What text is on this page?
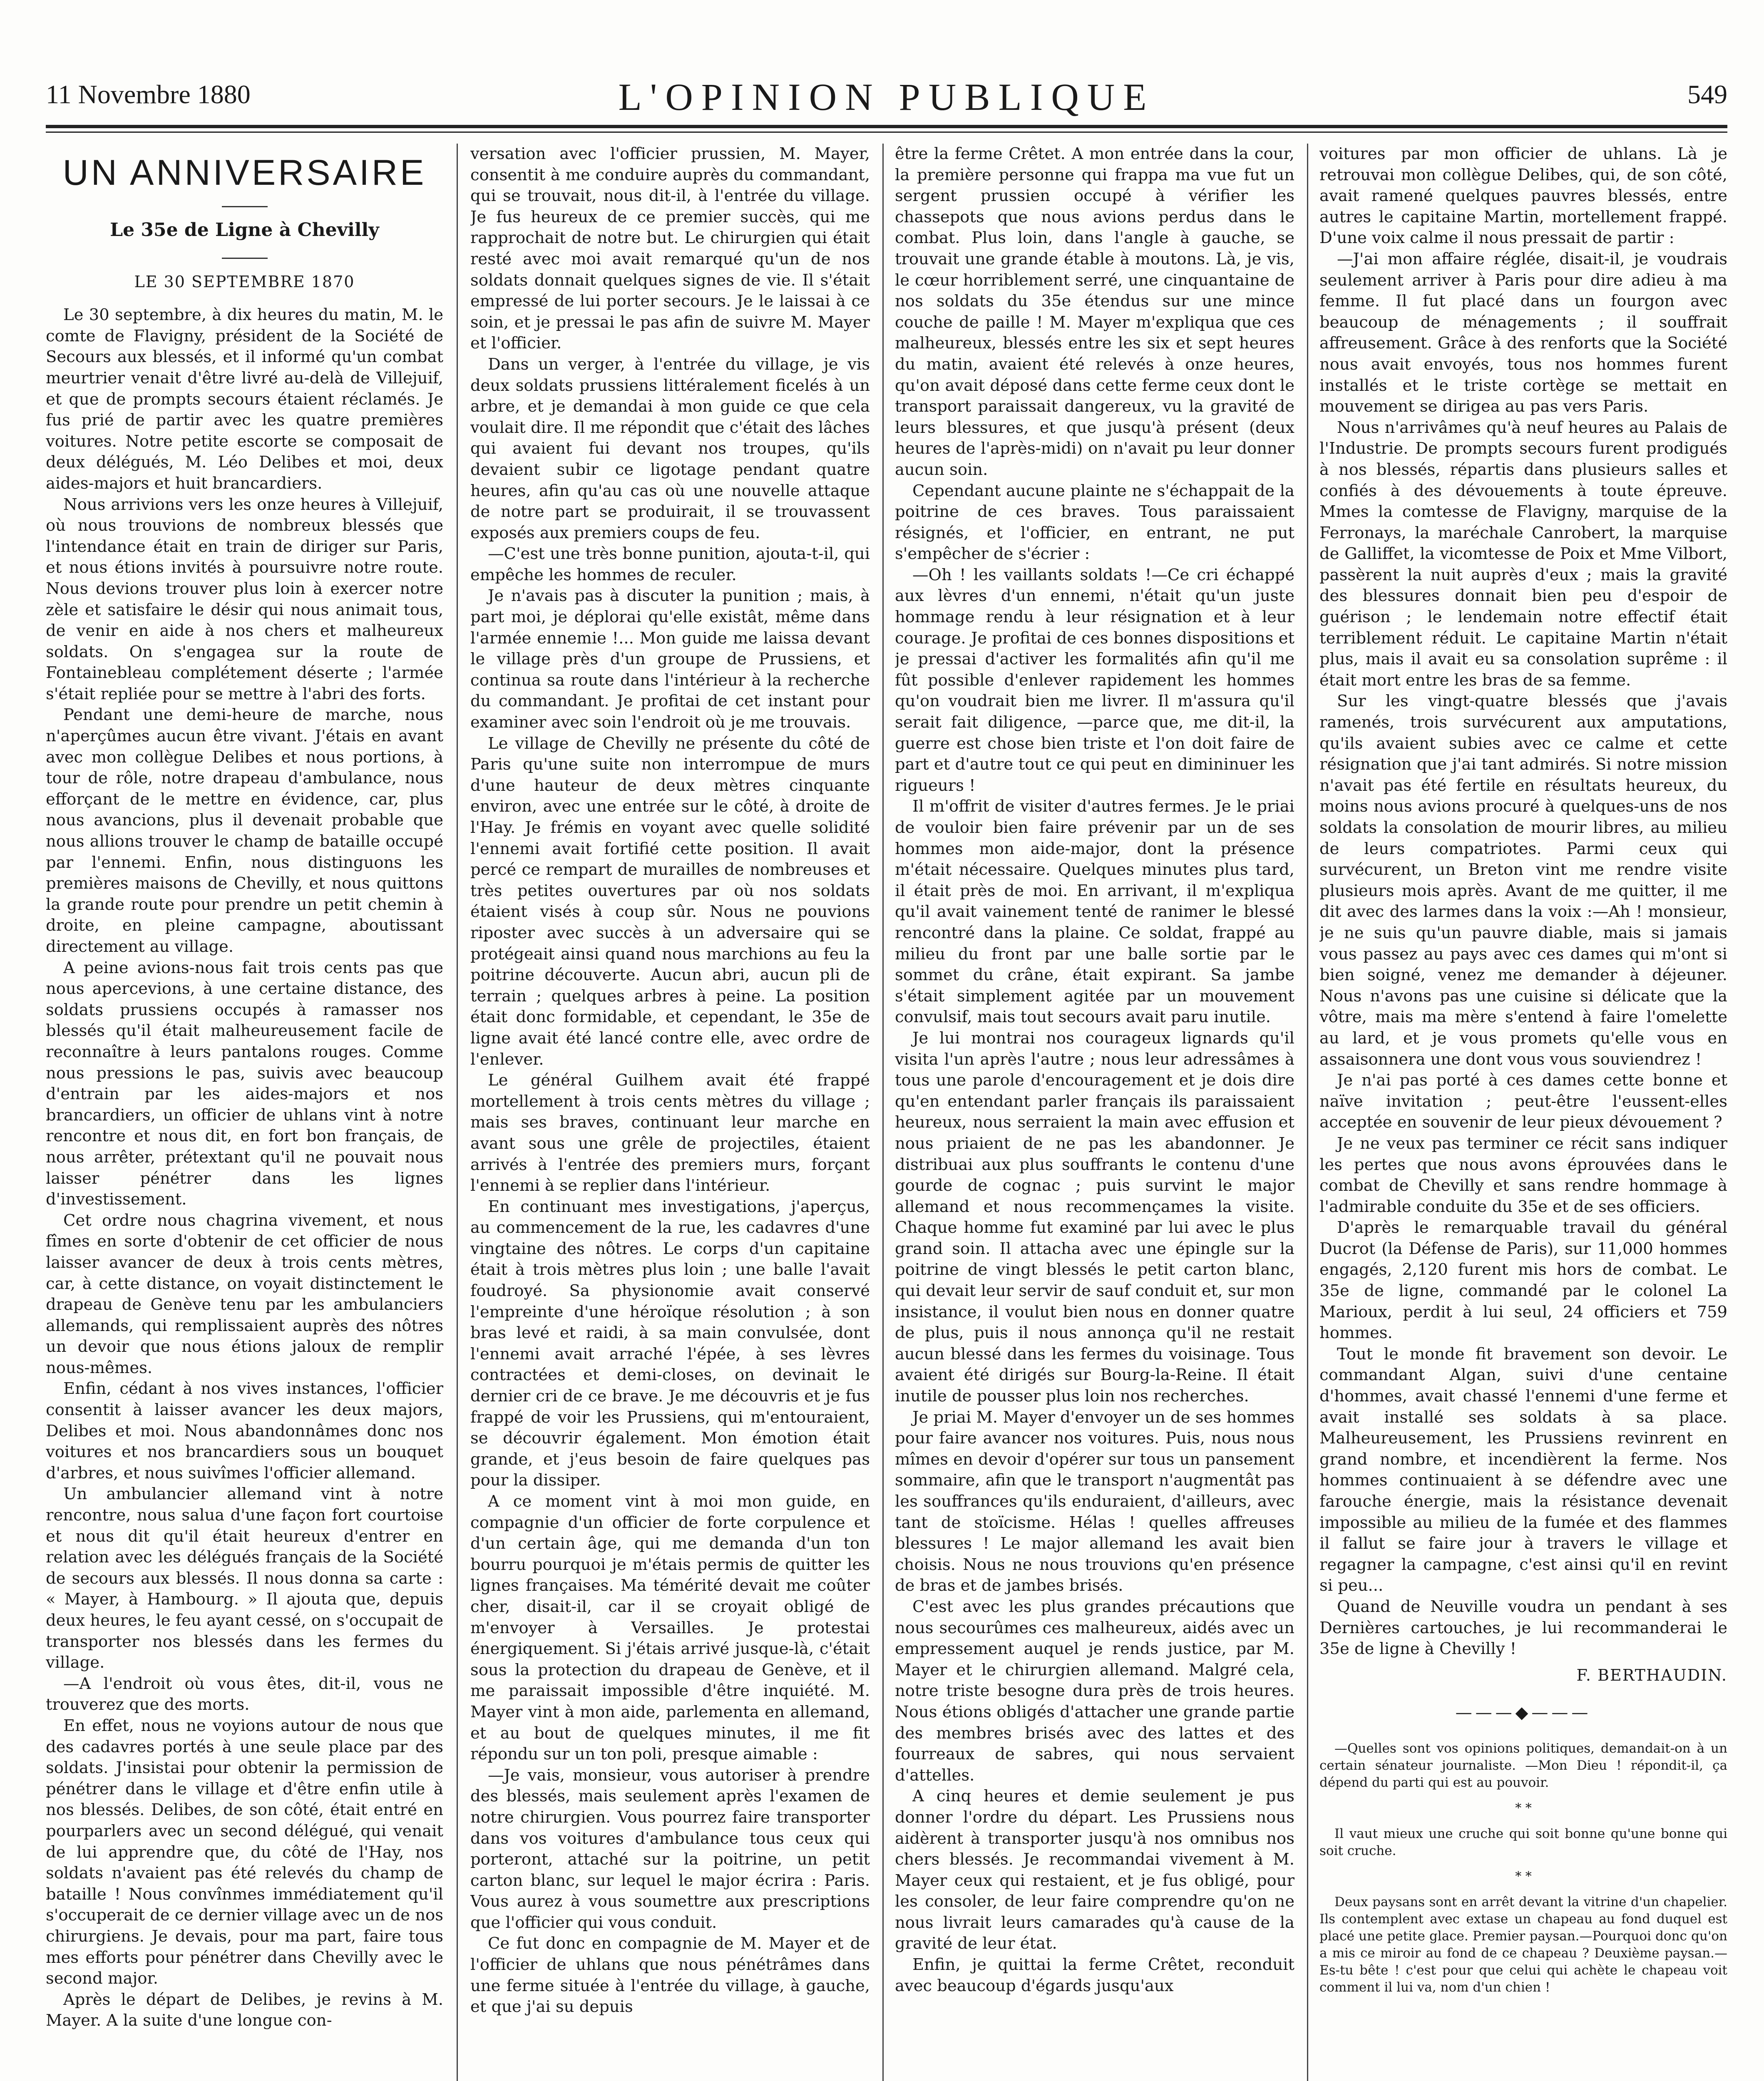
11 Novembre 1880	L'OPINION PUBLIQUE	549
UN ANNIVERSAIRE
Le 35e de Ligne à Chevilly
LE 30 SEPTEMBRE 1870

Le 30 septembre, à dix heures du matin, M. le comte de Flavigny, président de la Société de Secours aux blessés, et il informé qu'un combat meurtrier venait d'être livré au-delà de Villejuif, et que de prompts secours étaient réclamés. Je fus prié de partir avec les quatre premières voitures. Notre petite escorte se composait de deux délégués, M. Léo Delibes et moi, deux aides-majors et huit brancardiers.

Nous arrivions vers les onze heures à Villejuif, où nous trouvions de nombreux blessés que l'intendance était en train de diriger sur Paris, et nous étions invités à poursuivre notre route. Nous devions trouver plus loin à exercer notre zèle et satisfaire le désir qui nous animait tous, de venir en aide à nos chers et malheureux soldats. On s'engagea sur la route de Fontainebleau complétement déserte ; l'armée s'était repliée pour se mettre à l'abri des forts.

Pendant une demi-heure de marche, nous n'aperçûmes aucun être vivant. J'étais en avant avec mon collègue Delibes et nous portions, à tour de rôle, notre drapeau d'ambulance, nous efforçant de le mettre en évidence, car, plus nous avancions, plus il devenait probable que nous allions trouver le champ de bataille occupé par l'ennemi. Enfin, nous distinguons les premières maisons de Chevilly, et nous quittons la grande route pour prendre un petit chemin à droite, en pleine campagne, aboutissant directement au village.

A peine avions-nous fait trois cents pas que nous apercevions, à une certaine distance, des soldats prussiens occupés à ramasser nos blessés qu'il était malheureusement facile de reconnaître à leurs pantalons rouges. Comme nous pressions le pas, suivis avec beaucoup d'entrain par les aides-majors et nos brancardiers, un officier de uhlans vint à notre rencontre et nous dit, en fort bon français, de nous arrêter, prétextant qu'il ne pouvait nous laisser pénétrer dans les lignes d'investissement.

Cet ordre nous chagrina vivement, et nous fîmes en sorte d'obtenir de cet officier de nous laisser avancer de deux à trois cents mètres, car, à cette distance, on voyait distinctement le drapeau de Genève tenu par les ambulanciers allemands, qui remplissaient auprès des nôtres un devoir que nous étions jaloux de remplir nous-mêmes.

Enfin, cédant à nos vives instances, l'officier consentit à laisser avancer les deux majors, Delibes et moi. Nous abandonnâmes donc nos voitures et nos brancardiers sous un bouquet d'arbres, et nous suivîmes l'officier allemand.

Un ambulancier allemand vint à notre rencontre, nous salua d'une façon fort courtoise et nous dit qu'il était heureux d'entrer en relation avec les délégués français de la Société de secours aux blessés. Il nous donna sa carte : « Mayer, à Hambourg. » Il ajouta que, depuis deux heures, le feu ayant cessé, on s'occupait de transporter nos blessés dans les fermes du village.

—A l'endroit où vous êtes, dit-il, vous ne trouverez que des morts.

En effet, nous ne voyions autour de nous que des cadavres portés à une seule place par des soldats. J'insistai pour obtenir la permission de pénétrer dans le village et d'être enfin utile à nos blessés. Delibes, de son côté, était entré en pourparlers avec un second délégué, qui venait de lui apprendre que, du côté de l'Hay, nos soldats n'avaient pas été relevés du champ de bataille ! Nous convînmes immédiatement qu'il s'occuperait de ce dernier village avec un de nos chirurgiens. Je devais, pour ma part, faire tous mes efforts pour pénétrer dans Chevilly avec le second major.

Après le départ de Delibes, je revins à M. Mayer. A la suite d'une longue con-

versation avec l'officier prussien, M. Mayer, consentit à me conduire auprès du commandant, qui se trouvait, nous dit-il, à l'entrée du village. Je fus heureux de ce premier succès, qui me rapprochait de notre but. Le chirurgien qui était resté avec moi avait remarqué qu'un de nos soldats donnait quelques signes de vie. Il s'était empressé de lui porter secours. Je le laissai à ce soin, et je pressai le pas afin de suivre M. Mayer et l'officier.

Dans un verger, à l'entrée du village, je vis deux soldats prussiens littéralement ficelés à un arbre, et je demandai à mon guide ce que cela voulait dire. Il me répondit que c'était des lâches qui avaient fui devant nos troupes, qu'ils devaient subir ce ligotage pendant quatre heures, afin qu'au cas où une nouvelle attaque de notre part se produirait, il se trouvassent exposés aux premiers coups de feu.

—C'est une très bonne punition, ajouta-t-il, qui empêche les hommes de reculer.

Je n'avais pas à discuter la punition ; mais, à part moi, je déplorai qu'elle existât, même dans l'armée ennemie !... Mon guide me laissa devant le village près d'un groupe de Prussiens, et continua sa route dans l'intérieur à la recherche du commandant. Je profitai de cet instant pour examiner avec soin l'endroit où je me trouvais.

Le village de Chevilly ne présente du côté de Paris qu'une suite non interrompue de murs d'une hauteur de deux mètres cinquante environ, avec une entrée sur le côté, à droite de l'Hay. Je frémis en voyant avec quelle solidité l'ennemi avait fortifié cette position. Il avait percé ce rempart de murailles de nombreuses et très petites ouvertures par où nos soldats étaient visés à coup sûr. Nous ne pouvions riposter avec succès à un adversaire qui se protégeait ainsi quand nous marchions au feu la poitrine découverte. Aucun abri, aucun pli de terrain ; quelques arbres à peine. La position était donc formidable, et cependant, le 35e de ligne avait été lancé contre elle, avec ordre de l'enlever.

Le général Guilhem avait été frappé mortellement à trois cents mètres du village ; mais ses braves, continuant leur marche en avant sous une grêle de projectiles, étaient arrivés à l'entrée des premiers murs, forçant l'ennemi à se replier dans l'intérieur.

En continuant mes investigations, j'aperçus, au commencement de la rue, les cadavres d'une vingtaine des nôtres. Le corps d'un capitaine était à trois mètres plus loin ; une balle l'avait foudroyé. Sa physionomie avait conservé l'empreinte d'une héroïque résolution ; à son bras levé et raidi, à sa main convulsée, dont l'ennemi avait arraché l'épée, à ses lèvres contractées et demi-closes, on devinait le dernier cri de ce brave. Je me découvris et je fus frappé de voir les Prussiens, qui m'entouraient, se découvrir également. Mon émotion était grande, et j'eus besoin de faire quelques pas pour la dissiper.

A ce moment vint à moi mon guide, en compagnie d'un officier de forte corpulence et d'un certain âge, qui me demanda d'un ton bourru pourquoi je m'étais permis de quitter les lignes françaises. Ma témérité devait me coûter cher, disait-il, car il se croyait obligé de m'envoyer à Versailles. Je protestai énergiquement. Si j'étais arrivé jusque-là, c'était sous la protection du drapeau de Genève, et il me paraissait impossible d'être inquiété. M. Mayer vint à mon aide, parlementa en allemand, et au bout de quelques minutes, il me fit répondu sur un ton poli, presque aimable :

—Je vais, monsieur, vous autoriser à prendre des blessés, mais seulement après l'examen de notre chirurgien. Vous pourrez faire transporter dans vos voitures d'ambulance tous ceux qui porteront, attaché sur la poitrine, un petit carton blanc, sur lequel le major écrira : Paris. Vous aurez à vous soumettre aux prescriptions que l'officier qui vous conduit.

Ce fut donc en compagnie de M. Mayer et de l'officier de uhlans que nous pénétrâmes dans une ferme située à l'entrée du village, à gauche, et que j'ai su depuis

être la ferme Crêtet. A mon entrée dans la cour, la première personne qui frappa ma vue fut un sergent prussien occupé à vérifier les chassepots que nous avions perdus dans le combat. Plus loin, dans l'angle à gauche, se trouvait une grande étable à moutons. Là, je vis, le cœur horriblement serré, une cinquantaine de nos soldats du 35e étendus sur une mince couche de paille ! M. Mayer m'expliqua que ces malheureux, blessés entre les six et sept heures du matin, avaient été relevés à onze heures, qu'on avait déposé dans cette ferme ceux dont le transport paraissait dangereux, vu la gravité de leurs blessures, et que jusqu'à présent (deux heures de l'après-midi) on n'avait pu leur donner aucun soin.

Cependant aucune plainte ne s'échappait de la poitrine de ces braves. Tous paraissaient résignés, et l'officier, en entrant, ne put s'empêcher de s'écrier :

—Oh ! les vaillants soldats !—Ce cri échappé aux lèvres d'un ennemi, n'était qu'un juste hommage rendu à leur résignation et à leur courage. Je profitai de ces bonnes dispositions et je pressai d'activer les formalités afin qu'il me fût possible d'enlever rapidement les hommes qu'on voudrait bien me livrer. Il m'assura qu'il serait fait diligence, —parce que, me dit-il, la guerre est chose bien triste et l'on doit faire de part et d'autre tout ce qui peut en dimininuer les rigueurs !

Il m'offrit de visiter d'autres fermes. Je le priai de vouloir bien faire prévenir par un de ses hommes mon aide-major, dont la présence m'était nécessaire. Quelques minutes plus tard, il était près de moi. En arrivant, il m'expliqua qu'il avait vainement tenté de ranimer le blessé rencontré dans la plaine. Ce soldat, frappé au milieu du front par une balle sortie par le sommet du crâne, était expirant. Sa jambe s'était simplement agitée par un mouvement convulsif, mais tout secours avait paru inutile.

Je lui montrai nos courageux lignards qu'il visita l'un après l'autre ; nous leur adressâmes à tous une parole d'encouragement et je dois dire qu'en entendant parler français ils paraissaient heureux, nous serraient la main avec effusion et nous priaient de ne pas les abandonner. Je distribuai aux plus souffrants le contenu d'une gourde de cognac ; puis survint le major allemand et nous recommençames la visite. Chaque homme fut examiné par lui avec le plus grand soin. Il attacha avec une épingle sur la poitrine de vingt blessés le petit carton blanc, qui devait leur servir de sauf conduit et, sur mon insistance, il voulut bien nous en donner quatre de plus, puis il nous annonça qu'il ne restait aucun blessé dans les fermes du voisinage. Tous avaient été dirigés sur Bourg-la-Reine. Il était inutile de pousser plus loin nos recherches.

Je priai M. Mayer d'envoyer un de ses hommes pour faire avancer nos voitures. Puis, nous nous mîmes en devoir d'opérer sur tous un pansement sommaire, afin que le transport n'augmentât pas les souffrances qu'ils enduraient, d'ailleurs, avec tant de stoïcisme. Hélas ! quelles affreuses blessures ! Le major allemand les avait bien choisis. Nous ne nous trouvions qu'en présence de bras et de jambes brisés.

C'est avec les plus grandes précautions que nous secourûmes ces malheureux, aidés avec un empressement auquel je rends justice, par M. Mayer et le chirurgien allemand. Malgré cela, notre triste besogne dura près de trois heures. Nous étions obligés d'attacher une grande partie des membres brisés avec des lattes et des fourreaux de sabres, qui nous servaient d'attelles.

A cinq heures et demie seulement je pus donner l'ordre du départ. Les Prussiens nous aidèrent à transporter jusqu'à nos omnibus nos chers blessés. Je recommandai vivement à M. Mayer ceux qui restaient, et je fus obligé, pour les consoler, de leur faire comprendre qu'on ne nous livrait leurs camarades qu'à cause de la gravité de leur état.

Enfin, je quittai la ferme Crêtet, reconduit avec beaucoup d'égards jusqu'aux

voitures par mon officier de uhlans. Là je retrouvai mon collègue Delibes, qui, de son côté, avait ramené quelques pauvres blessés, entre autres le capitaine Martin, mortellement frappé. D'une voix calme il nous pressait de partir :

—J'ai mon affaire réglée, disait-il, je voudrais seulement arriver à Paris pour dire adieu à ma femme. Il fut placé dans un fourgon avec beaucoup de ménagements ; il souffrait affreusement. Grâce à des renforts que la Société nous avait envoyés, tous nos hommes furent installés et le triste cortège se mettait en mouvement se dirigea au pas vers Paris.

Nous n'arrivâmes qu'à neuf heures au Palais de l'Industrie. De prompts secours furent prodigués à nos blessés, répartis dans plusieurs salles et confiés à des dévouements à toute épreuve. Mmes la comtesse de Flavigny, marquise de la Ferronays, la maréchale Canrobert, la marquise de Galliffet, la vicomtesse de Poix et Mme Vilbort, passèrent la nuit auprès d'eux ; mais la gravité des blessures donnait bien peu d'espoir de guérison ; le lendemain notre effectif était terriblement réduit. Le capitaine Martin n'était plus, mais il avait eu sa consolation suprême : il était mort entre les bras de sa femme.

Sur les vingt-quatre blessés que j'avais ramenés, trois survécurent aux amputations, qu'ils avaient subies avec ce calme et cette résignation que j'ai tant admirés. Si notre mission n'avait pas été fertile en résultats heureux, du moins nous avions procuré à quelques-uns de nos soldats la consolation de mourir libres, au milieu de leurs compatriotes. Parmi ceux qui survécurent, un Breton vint me rendre visite plusieurs mois après. Avant de me quitter, il me dit avec des larmes dans la voix :—Ah ! monsieur, je ne suis qu'un pauvre diable, mais si jamais vous passez au pays avec ces dames qui m'ont si bien soigné, venez me demander à déjeuner. Nous n'avons pas une cuisine si délicate que la vôtre, mais ma mère s'entend à faire l'omelette au lard, et je vous promets qu'elle vous en assaisonnera une dont vous vous souviendrez !

Je n'ai pas porté à ces dames cette bonne et naïve invitation ; peut-être l'eussent-elles acceptée en souvenir de leur pieux dévouement ?

Je ne veux pas terminer ce récit sans indiquer les pertes que nous avons éprouvées dans le combat de Chevilly et sans rendre hommage à l'admirable conduite du 35e et de ses officiers.

D'après le remarquable travail du général Ducrot (la Défense de Paris), sur 11,000 hommes engagés, 2,120 furent mis hors de combat. Le 35e de ligne, commandé par le colonel La Marioux, perdit à lui seul, 24 officiers et 759 hommes.

Tout le monde fit bravement son devoir. Le commandant Algan, suivi d'une centaine d'hommes, avait chassé l'ennemi d'une ferme et avait installé ses soldats à sa place. Malheureusement, les Prussiens revinrent en grand nombre, et incendièrent la ferme. Nos hommes continuaient à se défendre avec une farouche énergie, mais la résistance devenait impossible au milieu de la fumée et des flammes il fallut se faire jour à travers le village et regagner la campagne, c'est ainsi qu'il en revint si peu...

Quand de Neuville voudra un pendant à ses Dernières cartouches, je lui recommanderai le 35e de ligne à Chevilly !

F. BERTHAUDIN.
———◆———

—Quelles sont vos opinions politiques, demandait-on à un certain sénateur journaliste. —Mon Dieu ! répondit-il, ça dépend du parti qui est au pouvoir.

* *

Il vaut mieux une cruche qui soit bonne qu'une bonne qui soit cruche.

* *

Deux paysans sont en arrêt devant la vitrine d'un chapelier. Ils contemplent avec extase un chapeau au fond duquel est placé une petite glace. Premier paysan.—Pourquoi donc qu'on a mis ce miroir au fond de ce chapeau ? Deuxième paysan.—Es-tu bête ! c'est pour que celui qui achète le chapeau voit comment il lui va, nom d'un chien !
